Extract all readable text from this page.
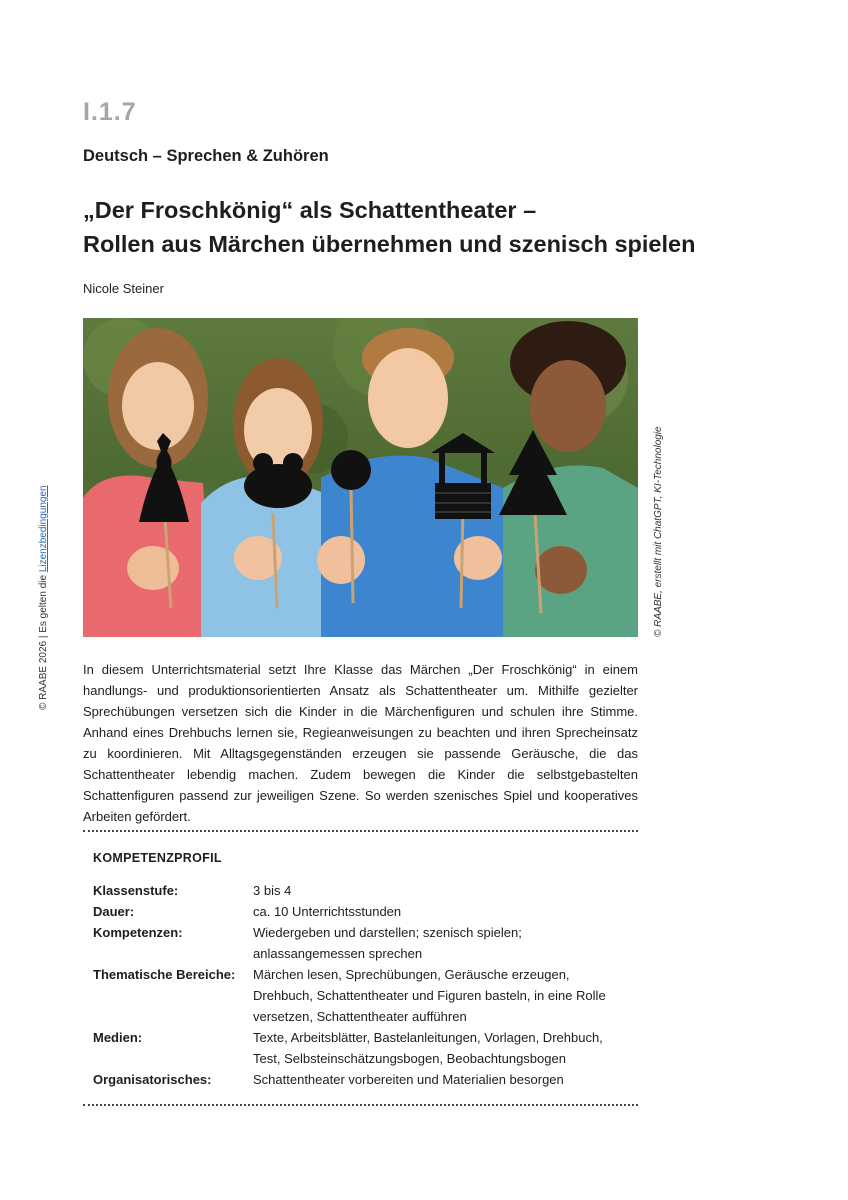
I.1.7
Deutsch – Sprechen & Zuhören
„Der Froschkönig“ als Schattentheater –
Rollen aus Märchen übernehmen und szenisch spielen
Nicole Steiner
© RAABE, erstellt mit ChatGPT, KI-Technologie
© RAABE 2026 | Es gelten die Lizenzbedingungen

In diesem Unterrichtsmaterial setzt Ihre Klasse das Märchen „Der Froschkönig“ in einem handlungs- und produktionsorientierten Ansatz als Schattentheater um. Mithilfe gezielter Sprechübungen versetzen sich die Kinder in die Märchenfiguren und schulen ihre Stimme. Anhand eines Drehbuchs lernen sie, Regieanweisungen zu beachten und ihren Sprecheinsatz zu koordinieren. Mit Alltagsgegenständen erzeugen sie passende Geräusche, die das Schattentheater lebendig machen. Zudem bewegen die Kinder die selbstgebastelten Schattenfiguren passend zur jeweiligen Szene. So werden szenisches Spiel und kooperatives Arbeiten gefördert.

KOMPETENZPROFIL
Klassenstufe:	3 bis 4
Dauer:	ca. 10 Unterrichtsstunden
Kompetenzen:	Wiedergeben und darstellen; szenisch spielen; anlassangemessen sprechen
Thematische Bereiche:	Märchen lesen, Sprechübungen, Geräusche erzeugen, Drehbuch, Schattentheater und Figuren basteln, in eine Rolle versetzen, Schattentheater aufführen
Medien:	Texte, Arbeitsblätter, Bastelanleitungen, Vorlagen, Drehbuch, Test, Selbsteinschätzungsbogen, Beobachtungsbogen
Organisatorisches:	Schattentheater vorbereiten und Materialien besorgen
